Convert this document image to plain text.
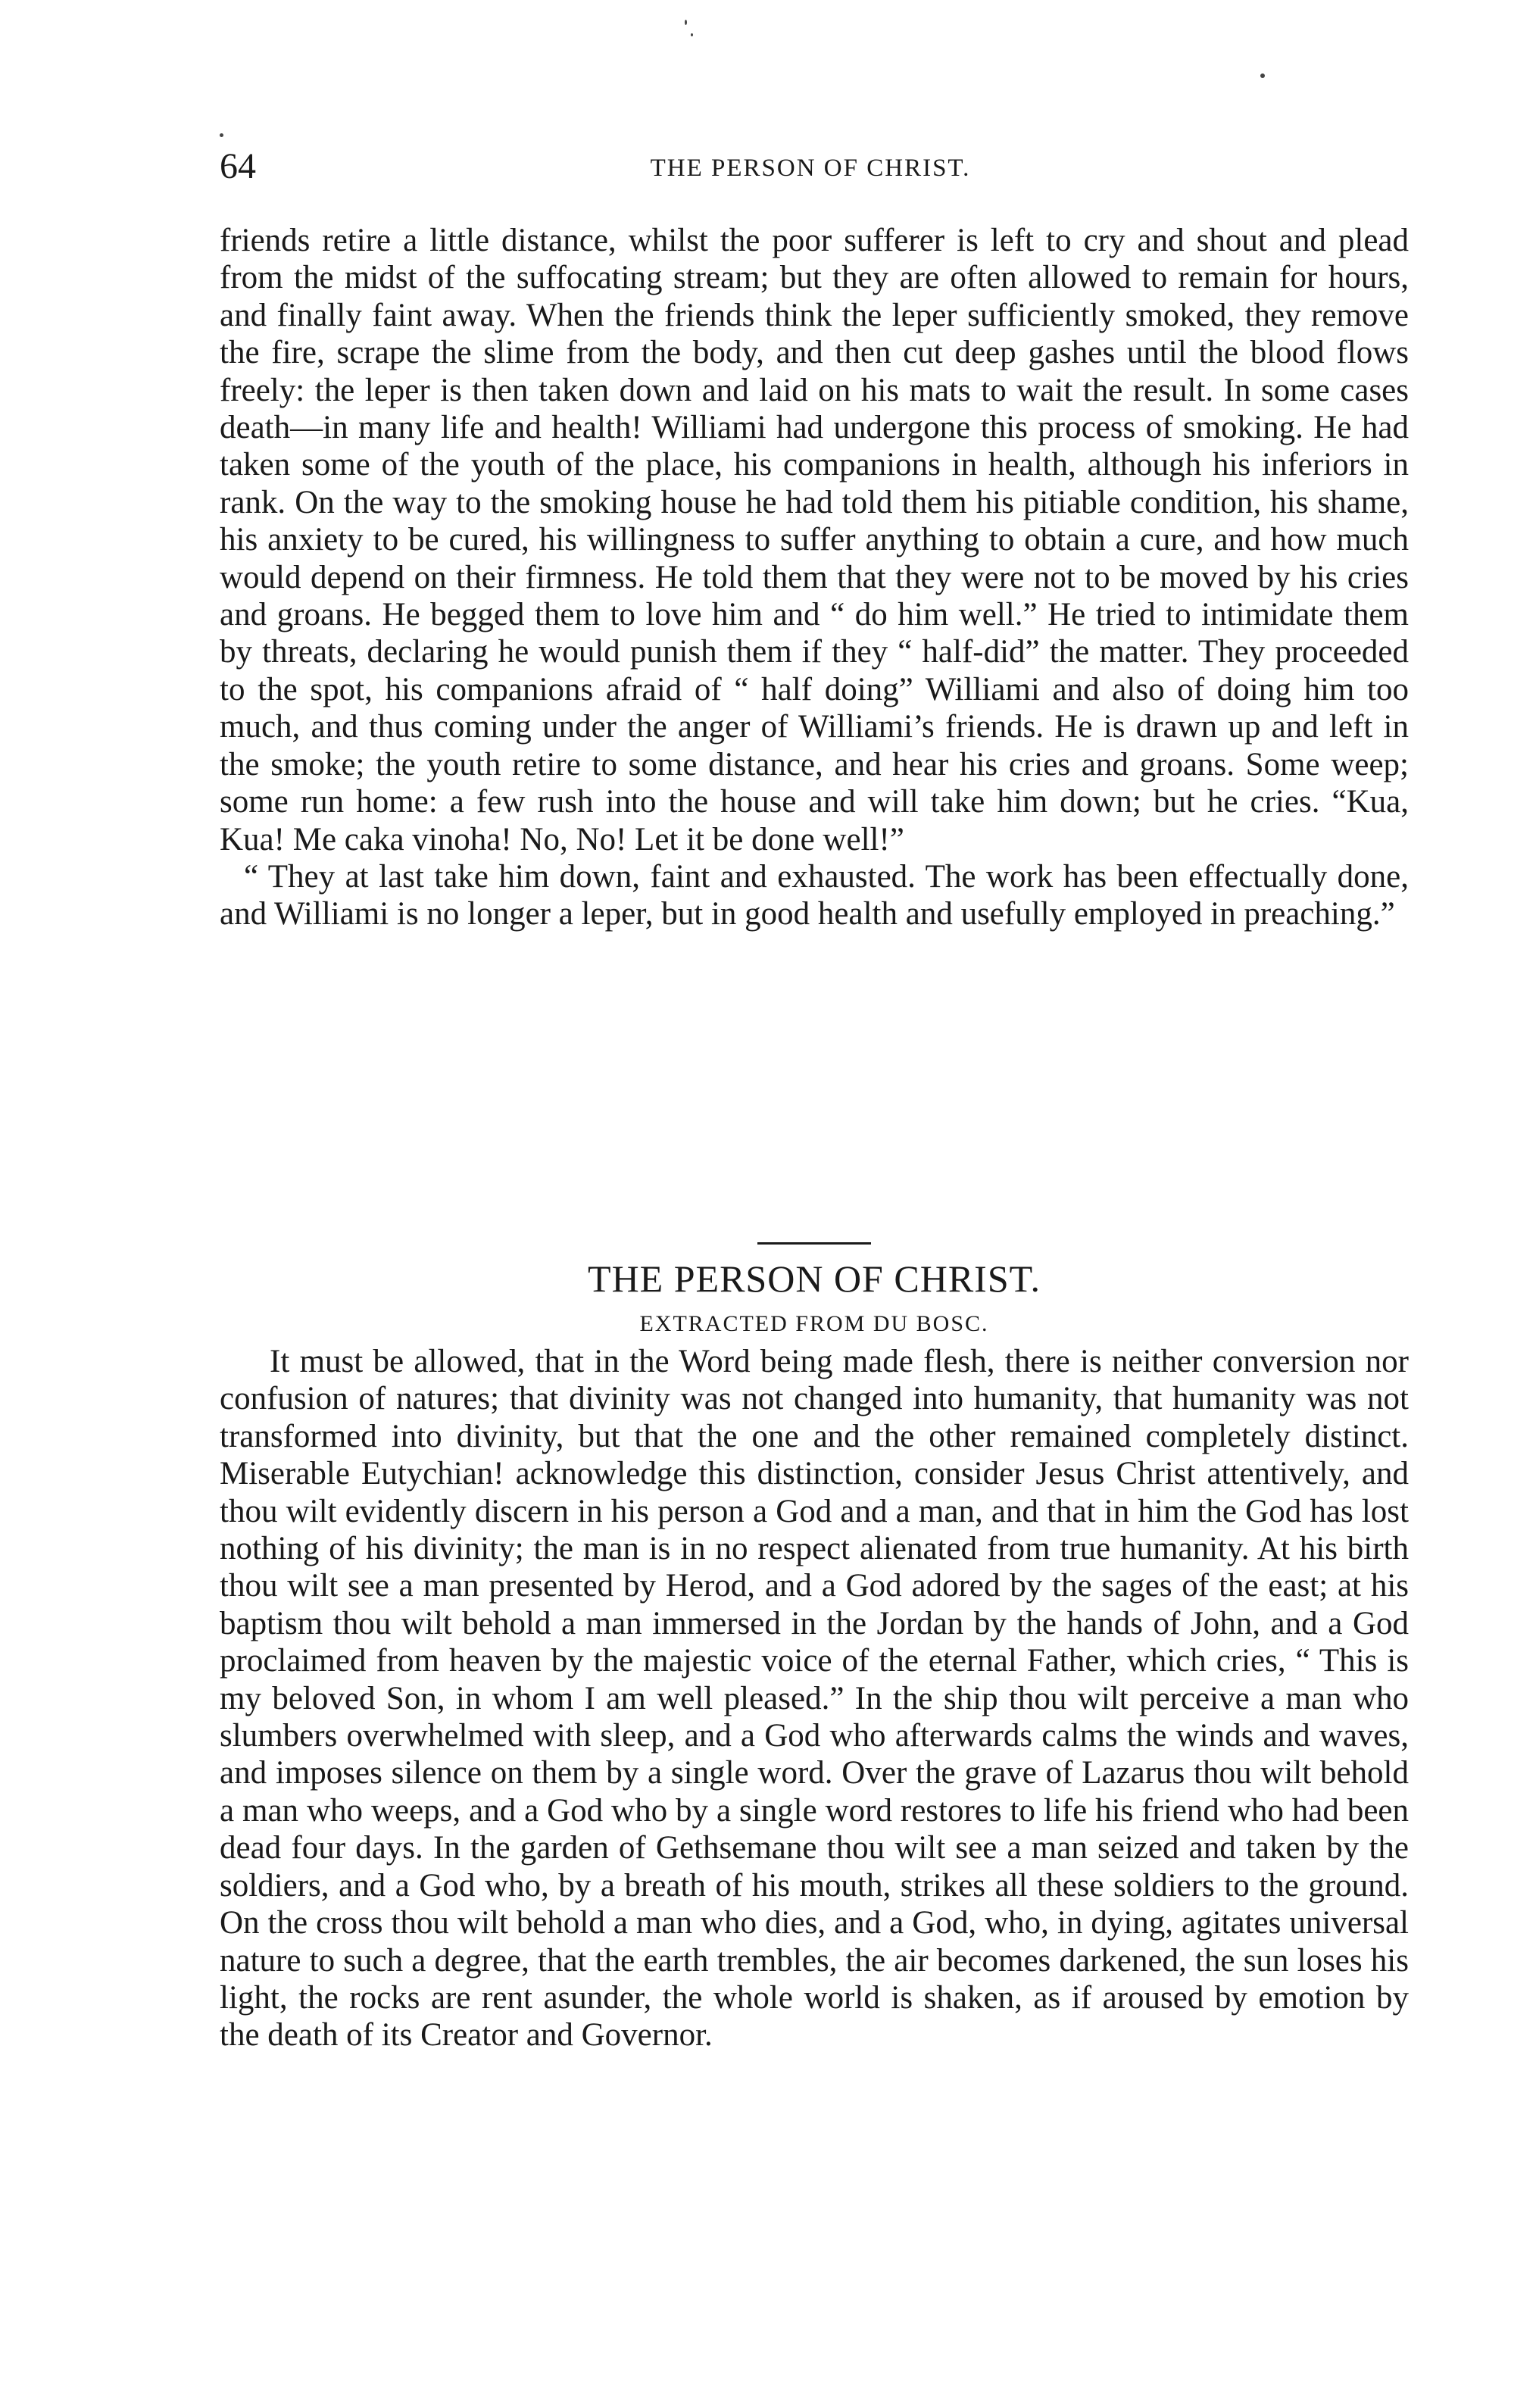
64	THE PERSON OF CHRIST.

friends retire a little distance, whilst the poor sufferer is left to cry and shout and plead from the midst of the suffocating stream; but they are often allowed to remain for hours, and finally faint away. When the friends think the leper sufficiently smoked, they remove the fire, scrape the slime from the body, and then cut deep gashes until the blood flows freely: the leper is then taken down and laid on his mats to wait the result. In some cases death—in many life and health! Williami had undergone this process of smoking. He had taken some of the youth of the place, his companions in health, although his inferiors in rank. On the way to the smoking house he had told them his pitiable condition, his shame, his anxiety to be cured, his willingness to suffer anything to obtain a cure, and how much would depend on their firmness. He told them that they were not to be moved by his cries and groans. He begged them to love him and “ do him well.” He tried to intimidate them by threats, declaring he would punish them if they “ half-did” the matter. They proceeded to the spot, his companions afraid of “ half doing” Williami and also of doing him too much, and thus coming under the anger of Williami’s friends. He is drawn up and left in the smoke; the youth retire to some distance, and hear his cries and groans. Some weep; some run home: a few rush into the house and will take him down; but he cries. “Kua, Kua! Me caka vinoha! No, No! Let it be done well!”

“ They at last take him down, faint and exhausted. The work has been effectually done, and Williami is no longer a leper, but in good health and usefully employed in preaching.”

THE PERSON OF CHRIST.
EXTRACTED FROM DU BOSC.

It must be allowed, that in the Word being made flesh, there is neither conversion nor confusion of natures; that divinity was not changed into humanity, that humanity was not transformed into divinity, but that the one and the other remained completely distinct. Miserable Eutychian! acknowledge this distinction, consider Jesus Christ attentively, and thou wilt evidently discern in his person a God and a man, and that in him the God has lost nothing of his divinity; the man is in no respect alienated from true humanity. At his birth thou wilt see a man presented by Herod, and a God adored by the sages of the east; at his baptism thou wilt behold a man immersed in the Jordan by the hands of John, and a God proclaimed from heaven by the majestic voice of the eternal Father, which cries, “ This is my beloved Son, in whom I am well pleased.” In the ship thou wilt perceive a man who slumbers overwhelmed with sleep, and a God who afterwards calms the winds and waves, and imposes silence on them by a single word. Over the grave of Lazarus thou wilt behold a man who weeps, and a God who by a single word restores to life his friend who had been dead four days. In the garden of Gethsemane thou wilt see a man seized and taken by the soldiers, and a God who, by a breath of his mouth, strikes all these soldiers to the ground. On the cross thou wilt behold a man who dies, and a God, who, in dying, agitates universal nature to such a degree, that the earth trembles, the air becomes darkened, the sun loses his light, the rocks are rent asunder, the whole world is shaken, as if aroused by emotion by the death of its Creator and Governor.
